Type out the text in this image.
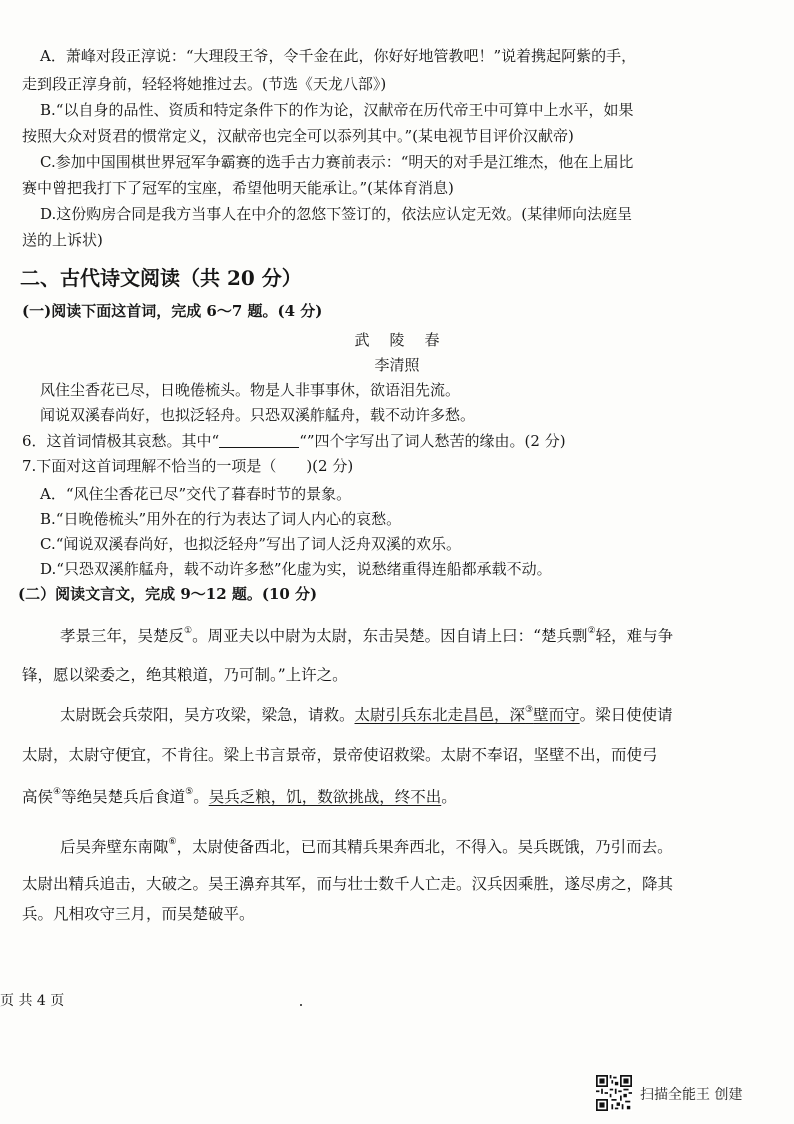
A．萧峰对段正淳说：“大理段王爷，令千金在此，你好好地管教吧！”说着携起阿紫的手，
走到段正淳身前，轻轻将她推过去。(节选《天龙八部》)
B.“以自身的品性、资质和特定条件下的作为论，汉献帝在历代帝王中可算中上水平，如果
按照大众对贤君的惯常定义，汉献帝也完全可以忝列其中。”(某电视节目评价汉献帝)
C.参加中国围棋世界冠军争霸赛的选手古力赛前表示：“明天的对手是江维杰，他在上届比
赛中曾把我打下了冠军的宝座，希望他明天能承让。”(某体育消息)
D.这份购房合同是我方当事人在中介的忽悠下签订的，依法应认定无效。(某律师向法庭呈
送的上诉状)
二、古代诗文阅读（共 20 分）
(一)阅读下面这首词，完成 6～7 题。(4 分)
武陵春
李清照
风住尘香花已尽，日晚倦梳头。物是人非事事休，欲语泪先流。
闻说双溪春尚好，也拟泛轻舟。只恐双溪舴艋舟，载不动许多愁。
6．这首词情极其哀愁。其中“	“”四个字写出了词人愁苦的缘由。(2 分)
7.下面对这首词理解不恰当的一项是（　　)(2 分)
A．“风住尘香花已尽”交代了暮春时节的景象。
B.“日晚倦梳头”用外在的行为表达了词人内心的哀愁。
C.“闻说双溪春尚好，也拟泛轻舟”写出了词人泛舟双溪的欢乐。
D.“只恐双溪舴艋舟，载不动许多愁”化虚为实，说愁绪重得连船都承载不动。
(二）阅读文言文，完成 9～12 题。(10 分)
孝景三年，吴楚反①。周亚夫以中尉为太尉，东击吴楚。因自请上曰：“楚兵剽②轻，难与争
锋，愿以梁委之，绝其粮道，乃可制。”上许之。
太尉既会兵荥阳，吴方攻梁，梁急，请救。太尉引兵东北走昌邑，深③壁而守。梁日使使请
太尉，太尉守便宜，不肯往。梁上书言景帝，景帝使诏救梁。太尉不奉诏，坚壁不出，而使弓
高侯④等绝吴楚兵后食道⑤。吴兵乏粮，饥，数欲挑战，终不出。
后吴奔壁东南陬⑥，太尉使备西北，已而其精兵果奔西北，不得入。吴兵既饿，乃引而去。
太尉出精兵追击，大破之。吴王濞弃其军，而与壮士数千人亡走。汉兵因乘胜，遂尽虏之，降其
兵。凡相攻守三月，而吴楚破平。
页 共 4 页
扫描全能王 创建
